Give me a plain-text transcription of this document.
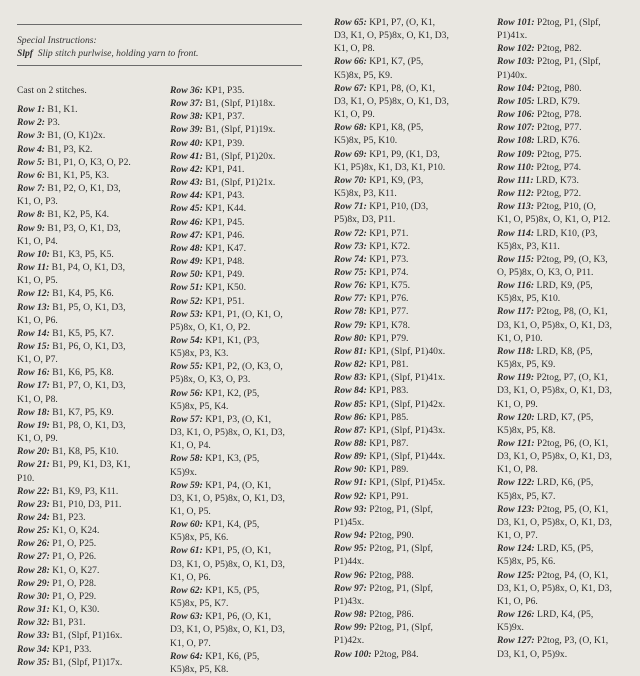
Special Instructions:
Slpf Slip stitch purlwise, holding yarn to front.
Cast on 2 stitches.
Row 1: B1, K1.
Row 2: P3.
Row 3: B1, (O, K1)2x.
Row 4: B1, P3, K2.
Row 5: B1, P1, O, K3, O, P2.
Row 6: B1, K1, P5, K3.
Row 7: B1, P2, O, K1, D3,
K1, O, P3.
Row 8: B1, K2, P5, K4.
Row 9: B1, P3, O, K1, D3,
K1, O, P4.
Row 10: B1, K3, P5, K5.
Row 11: B1, P4, O, K1, D3,
K1, O, P5.
Row 12: B1, K4, P5, K6.
Row 13: B1, P5, O, K1, D3,
K1, O, P6.
Row 14: B1, K5, P5, K7.
Row 15: B1, P6, O, K1, D3,
K1, O, P7.
Row 16: B1, K6, P5, K8.
Row 17: B1, P7, O, K1, D3,
K1, O, P8.
Row 18: B1, K7, P5, K9.
Row 19: B1, P8, O, K1, D3,
K1, O, P9.
Row 20: B1, K8, P5, K10.
Row 21: B1, P9, K1, D3, K1,
P10.
Row 22: B1, K9, P3, K11.
Row 23: B1, P10, D3, P11.
Row 24: B1, P23.
Row 25: K1, O, K24.
Row 26: P1, O, P25.
Row 27: P1, O, P26.
Row 28: K1, O, K27.
Row 29: P1, O, P28.
Row 30: P1, O, P29.
Row 31: K1, O, K30.
Row 32: B1, P31.
Row 33: B1, (Slpf, P1)16x.
Row 34: KP1, P33.
Row 35: B1, (Slpf, P1)17x.
Row 36: KP1, P35.
Row 37: B1, (Slpf, P1)18x.
Row 38: KP1, P37.
Row 39: B1, (Slpf, P1)19x.
Row 40: KP1, P39.
Row 41: B1, (Slpf, P1)20x.
Row 42: KP1, P41.
Row 43: B1, (Slpf, P1)21x.
Row 44: KP1, P43.
Row 45: KP1, K44.
Row 46: KP1, P45.
Row 47: KP1, P46.
Row 48: KP1, K47.
Row 49: KP1, P48.
Row 50: KP1, P49.
Row 51: KP1, K50.
Row 52: KP1, P51.
Row 53: KP1, P1, (O, K1, O,
P5)8x, O, K1, O, P2.
Row 54: KP1, K1, (P3,
K5)8x, P3, K3.
Row 55: KP1, P2, (O, K3, O,
P5)8x, O, K3, O, P3.
Row 56: KP1, K2, (P5,
K5)8x, P5, K4.
Row 57: KP1, P3, (O, K1,
D3, K1, O, P5)8x, O, K1, D3,
K1, O, P4.
Row 58: KP1, K3, (P5,
K5)9x.
Row 59: KP1, P4, (O, K1,
D3, K1, O, P5)8x, O, K1, D3,
K1, O, P5.
Row 60: KP1, K4, (P5,
K5)8x, P5, K6.
Row 61: KP1, P5, (O, K1,
D3, K1, O, P5)8x, O, K1, D3,
K1, O, P6.
Row 62: KP1, K5, (P5,
K5)8x, P5, K7.
Row 63: KP1, P6, (O, K1,
D3, K1, O, P5)8x, O, K1, D3,
K1, O, P7.
Row 64: KP1, K6, (P5,
K5)8x, P5, K8.
Row 65: KP1, P7, (O, K1,
D3, K1, O, P5)8x, O, K1, D3,
K1, O, P8.
Row 66: KP1, K7, (P5,
K5)8x, P5, K9.
Row 67: KP1, P8, (O, K1,
D3, K1, O, P5)8x, O, K1, D3,
K1, O, P9.
Row 68: KP1, K8, (P5,
K5)8x, P5, K10.
Row 69: KP1, P9, (K1, D3,
K1, P5)8x, K1, D3, K1, P10.
Row 70: KP1, K9, (P3,
K5)8x, P3, K11.
Row 71: KP1, P10, (D3,
P5)8x, D3, P11.
Row 72: KP1, P71.
Row 73: KP1, K72.
Row 74: KP1, P73.
Row 75: KP1, P74.
Row 76: KP1, K75.
Row 77: KP1, P76.
Row 78: KP1, P77.
Row 79: KP1, K78.
Row 80: KP1, P79.
Row 81: KP1, (Slpf, P1)40x.
Row 82: KP1, P81.
Row 83: KP1, (Slpf, P1)41x.
Row 84: KP1, P83.
Row 85: KP1, (Slpf, P1)42x.
Row 86: KP1, P85.
Row 87: KP1, (Slpf, P1)43x.
Row 88: KP1, P87.
Row 89: KP1, (Slpf, P1)44x.
Row 90: KP1, P89.
Row 91: KP1, (Slpf, P1)45x.
Row 92: KP1, P91.
Row 93: P2tog, P1, (Slpf,
P1)45x.
Row 94: P2tog, P90.
Row 95: P2tog, P1, (Slpf,
P1)44x.
Row 96: P2tog, P88.
Row 97: P2tog, P1, (Slpf,
P1)43x.
Row 98: P2tog, P86.
Row 99: P2tog, P1, (Slpf,
P1)42x.
Row 100: P2tog, P84.
Row 101: P2tog, P1, (Slpf,
P1)41x.
Row 102: P2tog, P82.
Row 103: P2tog, P1, (Slpf,
P1)40x.
Row 104: P2tog, P80.
Row 105: LRD, K79.
Row 106: P2tog, P78.
Row 107: P2tog, P77.
Row 108: LRD, K76.
Row 109: P2tog, P75.
Row 110: P2tog, P74.
Row 111: LRD, K73.
Row 112: P2tog, P72.
Row 113: P2tog, P10, (O,
K1, O, P5)8x, O, K1, O, P12.
Row 114: LRD, K10, (P3,
K5)8x, P3, K11.
Row 115: P2tog, P9, (O, K3,
O, P5)8x, O, K3, O, P11.
Row 116: LRD, K9, (P5,
K5)8x, P5, K10.
Row 117: P2tog, P8, (O, K1,
D3, K1, O, P5)8x, O, K1, D3,
K1, O, P10.
Row 118: LRD, K8, (P5,
K5)8x, P5, K9.
Row 119: P2tog, P7, (O, K1,
D3, K1, O, P5)8x, O, K1, D3,
K1, O, P9.
Row 120: LRD, K7, (P5,
K5)8x, P5, K8.
Row 121: P2tog, P6, (O, K1,
D3, K1, O, P5)8x, O, K1, D3,
K1, O, P8.
Row 122: LRD, K6, (P5,
K5)8x, P5, K7.
Row 123: P2tog, P5, (O, K1,
D3, K1, O, P5)8x, O, K1, D3,
K1, O, P7.
Row 124: LRD, K5, (P5,
K5)8x, P5, K6.
Row 125: P2tog, P4, (O, K1,
D3, K1, O, P5)8x, O, K1, D3,
K1, O, P6.
Row 126: LRD, K4, (P5,
K5)9x.
Row 127: P2tog, P3, (O, K1,
D3, K1, O, P5)9x.
